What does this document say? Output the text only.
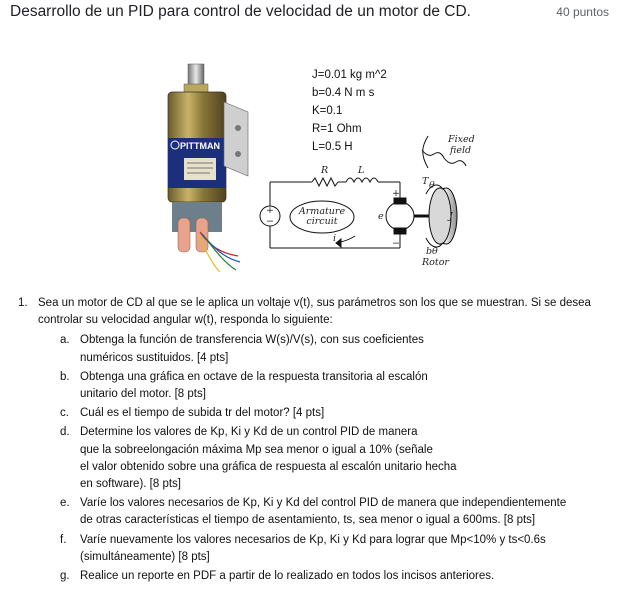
Desarrollo de un PID para control de velocidad de un motor de CD.	40 puntos
PITTMAN
+
−
+
−
R	L
Armature
circuit	e
i
J
T θ
b θ̇
Rotor
Fixed
field
J=0.01 kg m^2
b=0.4 N m s
K=0.1
R=1 Ohm
L=0.5 H
1. Sea un motor de CD al que se le aplica un voltaje v(t), sus parámetros son los que se muestran. Si se desea controlar su velocidad angular w(t), responda lo siguiente:
a. Obtenga la función de transferencia W(s)/V(s), con sus coeficientes
numéricos sustituidos. [4 pts]
b. Obtenga una gráfica en octave de la respuesta transitoria al escalón
unitario del motor. [8 pts]
c. Cuál es el tiempo de subida tr del motor? [4 pts]
d. Determine los valores de Kp, Ki y Kd de un control PID de manera
que la sobreelongación máxima Mp sea menor o igual a 10% (señale
el valor obtenido sobre una gráfica de respuesta al escalón unitario hecha
en software). [8 pts]
e. Varíe los valores necesarios de Kp, Ki y Kd del control PID de manera que independientemente
de otras características el tiempo de asentamiento, ts, sea menor o igual a 600ms. [8 pts]
f.	Varíe nuevamente los valores necesarios de Kp, Ki y Kd para lograr que Mp<10% y ts<0.6s
(simultáneamente) [8 pts]
g. Realice un reporte en PDF a partir de lo realizado en todos los incisos anteriores.
